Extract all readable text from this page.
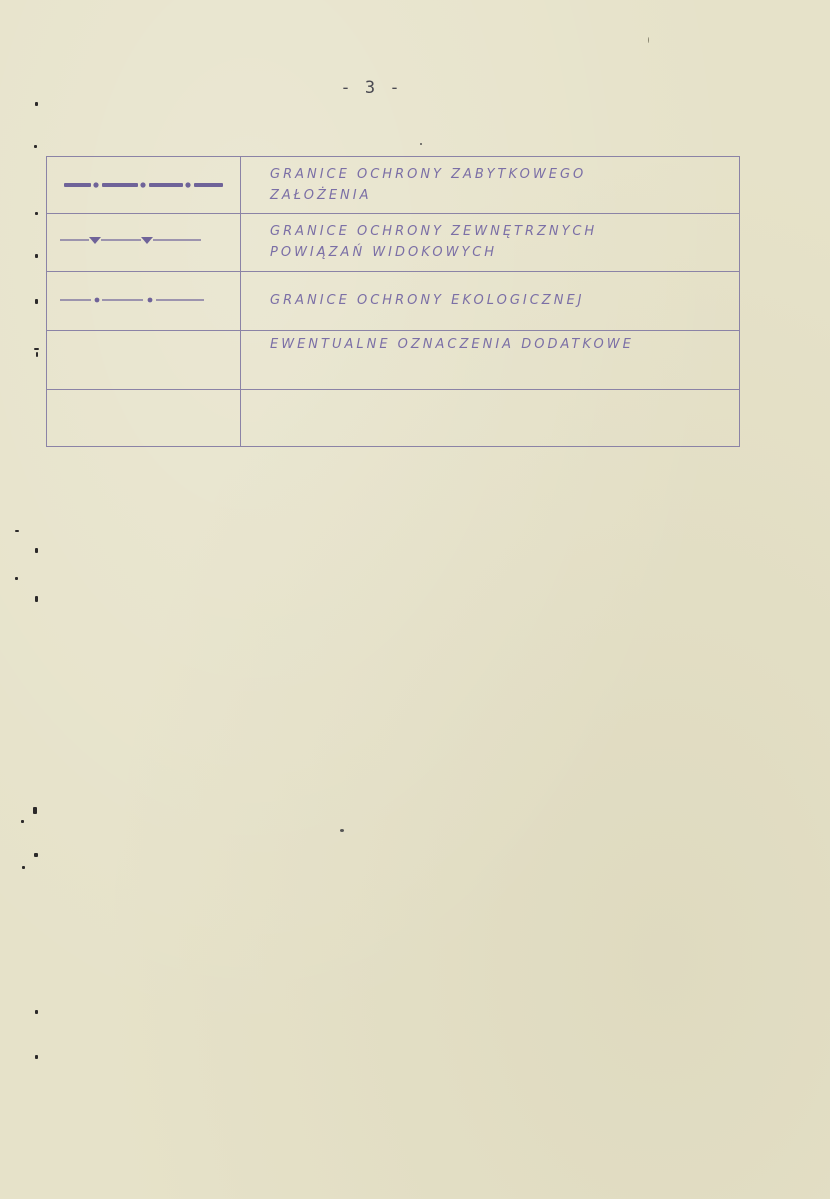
- 3 -

GRANICE OCHRONY ZABYTKOWEGO
ZAŁOŻENIA

GRANICE OCHRONY ZEWNĘTRZNYCH
POWIĄZAŃ WIDOKOWYCH

GRANICE OCHRONY EKOLOGICZNEJ

	EWENTUALNE OZNACZENIA DODATKOWE
